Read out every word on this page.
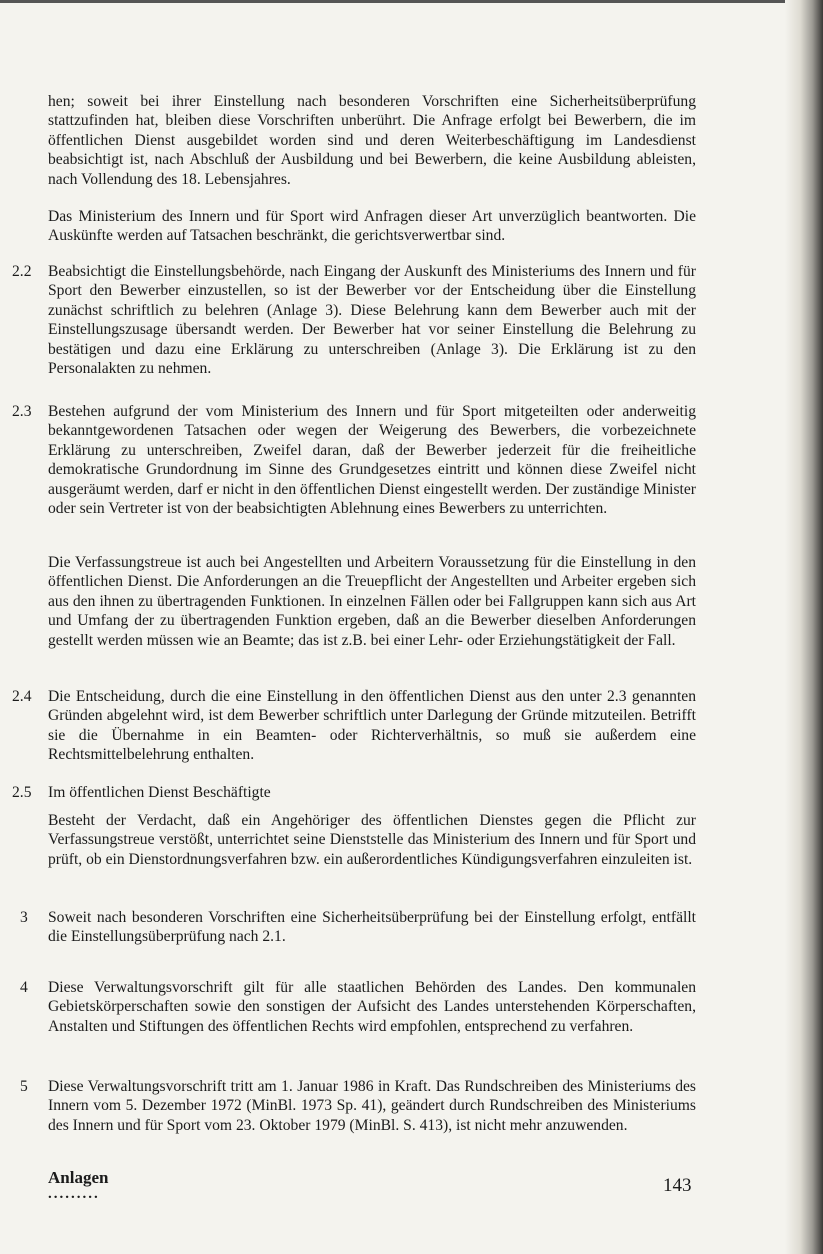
hen; soweit bei ihrer Einstellung nach besonderen Vorschriften eine Sicherheitsüberprüfung stattzufinden hat, bleiben diese Vorschriften unberührt. Die Anfrage erfolgt bei Bewerbern, die im öffentlichen Dienst ausgebildet worden sind und deren Weiterbeschäftigung im Landesdienst beabsichtigt ist, nach Abschluß der Ausbildung und bei Bewerbern, die keine Ausbildung ableisten, nach Vollendung des 18. Lebensjahres.

Das Ministerium des Innern und für Sport wird Anfragen dieser Art unverzüglich beantworten. Die Auskünfte werden auf Tatsachen beschränkt, die gerichtsverwertbar sind.

2.2	Beabsichtigt die Einstellungsbehörde, nach Eingang der Auskunft des Ministeriums des Innern und für Sport den Bewerber einzustellen, so ist der Bewerber vor der Entscheidung über die Einstellung zunächst schriftlich zu belehren (Anlage 3). Diese Belehrung kann dem Bewerber auch mit der Einstellungszusage übersandt werden. Der Bewerber hat vor seiner Einstellung die Belehrung zu bestätigen und dazu eine Erklärung zu unterschreiben (Anlage 3). Die Erklärung ist zu den Personalakten zu nehmen.

2.3	Bestehen aufgrund der vom Ministerium des Innern und für Sport mitgeteilten oder anderweitig bekanntgewordenen Tatsachen oder wegen der Weigerung des Bewerbers, die vorbezeichnete Erklärung zu unterschreiben, Zweifel daran, daß der Bewerber jederzeit für die freiheitliche demokratische Grundordnung im Sinne des Grundgesetzes eintritt und können diese Zweifel nicht ausgeräumt werden, darf er nicht in den öffentlichen Dienst eingestellt werden. Der zuständige Minister oder sein Vertreter ist von der beabsichtigten Ablehnung eines Bewerbers zu unterrichten.

Die Verfassungstreue ist auch bei Angestellten und Arbeitern Voraussetzung für die Einstellung in den öffentlichen Dienst. Die Anforderungen an die Treuepflicht der Angestellten und Arbeiter ergeben sich aus den ihnen zu übertragenden Funktionen. In einzelnen Fällen oder bei Fallgruppen kann sich aus Art und Umfang der zu übertragenden Funktion ergeben, daß an die Bewerber dieselben Anforderungen gestellt werden müssen wie an Beamte; das ist z.B. bei einer Lehr- oder Erziehungstätigkeit der Fall.

2.4	Die Entscheidung, durch die eine Einstellung in den öffentlichen Dienst aus den unter 2.3 genannten Gründen abgelehnt wird, ist dem Bewerber schriftlich unter Darlegung der Gründe mitzuteilen. Betrifft sie die Übernahme in ein Beamten- oder Richterverhältnis, so muß sie außerdem eine Rechtsmittelbelehrung enthalten.

2.5	Im öffentlichen Dienst Beschäftigte

Besteht der Verdacht, daß ein Angehöriger des öffentlichen Dienstes gegen die Pflicht zur Verfassungstreue verstößt, unterrichtet seine Dienststelle das Ministerium des Innern und für Sport und prüft, ob ein Dienstordnungsverfahren bzw. ein außerordentliches Kündigungsverfahren einzuleiten ist.

3	Soweit nach besonderen Vorschriften eine Sicherheitsüberprüfung bei der Einstellung erfolgt, entfällt die Einstellungsüberprüfung nach 2.1.

4	Diese Verwaltungsvorschrift gilt für alle staatlichen Behörden des Landes. Den kommunalen Gebietskörperschaften sowie den sonstigen der Aufsicht des Landes unterstehenden Körperschaften, Anstalten und Stiftungen des öffentlichen Rechts wird empfohlen, entsprechend zu verfahren.

5	Diese Verwaltungsvorschrift tritt am 1. Januar 1986 in Kraft. Das Rundschreiben des Ministeriums des Innern vom 5. Dezember 1972 (MinBl. 1973 Sp. 41), geändert durch Rundschreiben des Ministeriums des Innern und für Sport vom 23. Oktober 1979 (MinBl. S. 413), ist nicht mehr anzuwenden.

Anlagen
.........	143
